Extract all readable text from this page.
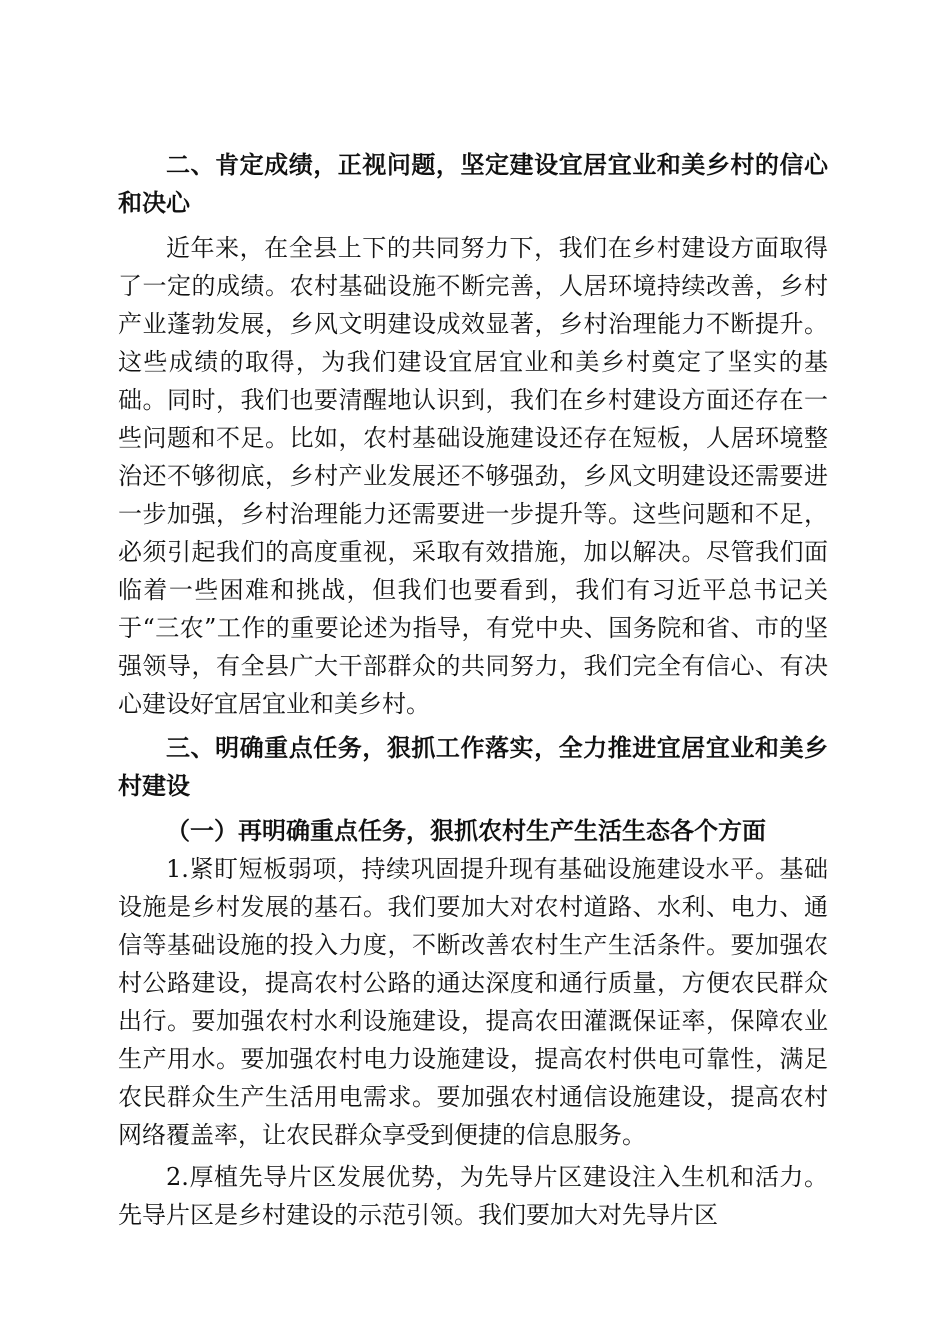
二、肯定成绩，正视问题，坚定建设宜居宜业和美乡村的信心和决心

近年来，在全县上下的共同努力下，我们在乡村建设方面取得了一定的成绩。农村基础设施不断完善，人居环境持续改善，乡村产业蓬勃发展，乡风文明建设成效显著，乡村治理能力不断提升。这些成绩的取得，为我们建设宜居宜业和美乡村奠定了坚实的基础。同时，我们也要清醒地认识到，我们在乡村建设方面还存在一些问题和不足。比如，农村基础设施建设还存在短板，人居环境整治还不够彻底，乡村产业发展还不够强劲，乡风文明建设还需要进一步加强，乡村治理能力还需要进一步提升等。这些问题和不足，必须引起我们的高度重视，采取有效措施，加以解决。尽管我们面临着一些困难和挑战，但我们也要看到，我们有习近平总书记关于“三农”工作的重要论述为指导，有党中央、国务院和省、市的坚强领导，有全县广大干部群众的共同努力，我们完全有信心、有决心建设好宜居宜业和美乡村。

三、明确重点任务，狠抓工作落实，全力推进宜居宜业和美乡村建设

（一）再明确重点任务，狠抓农村生产生活生态各个方面

1.紧盯短板弱项，持续巩固提升现有基础设施建设水平。基础设施是乡村发展的基石。我们要加大对农村道路、水利、电力、通信等基础设施的投入力度，不断改善农村生产生活条件。要加强农村公路建设，提高农村公路的通达深度和通行质量，方便农民群众出行。要加强农村水利设施建设，提高农田灌溉保证率，保障农业生产用水。要加强农村电力设施建设，提高农村供电可靠性，满足农民群众生产生活用电需求。要加强农村通信设施建设，提高农村网络覆盖率，让农民群众享受到便捷的信息服务。

2.厚植先导片区发展优势，为先导片区建设注入生机和活力。先导片区是乡村建设的示范引领。我们要加大对先导片区
